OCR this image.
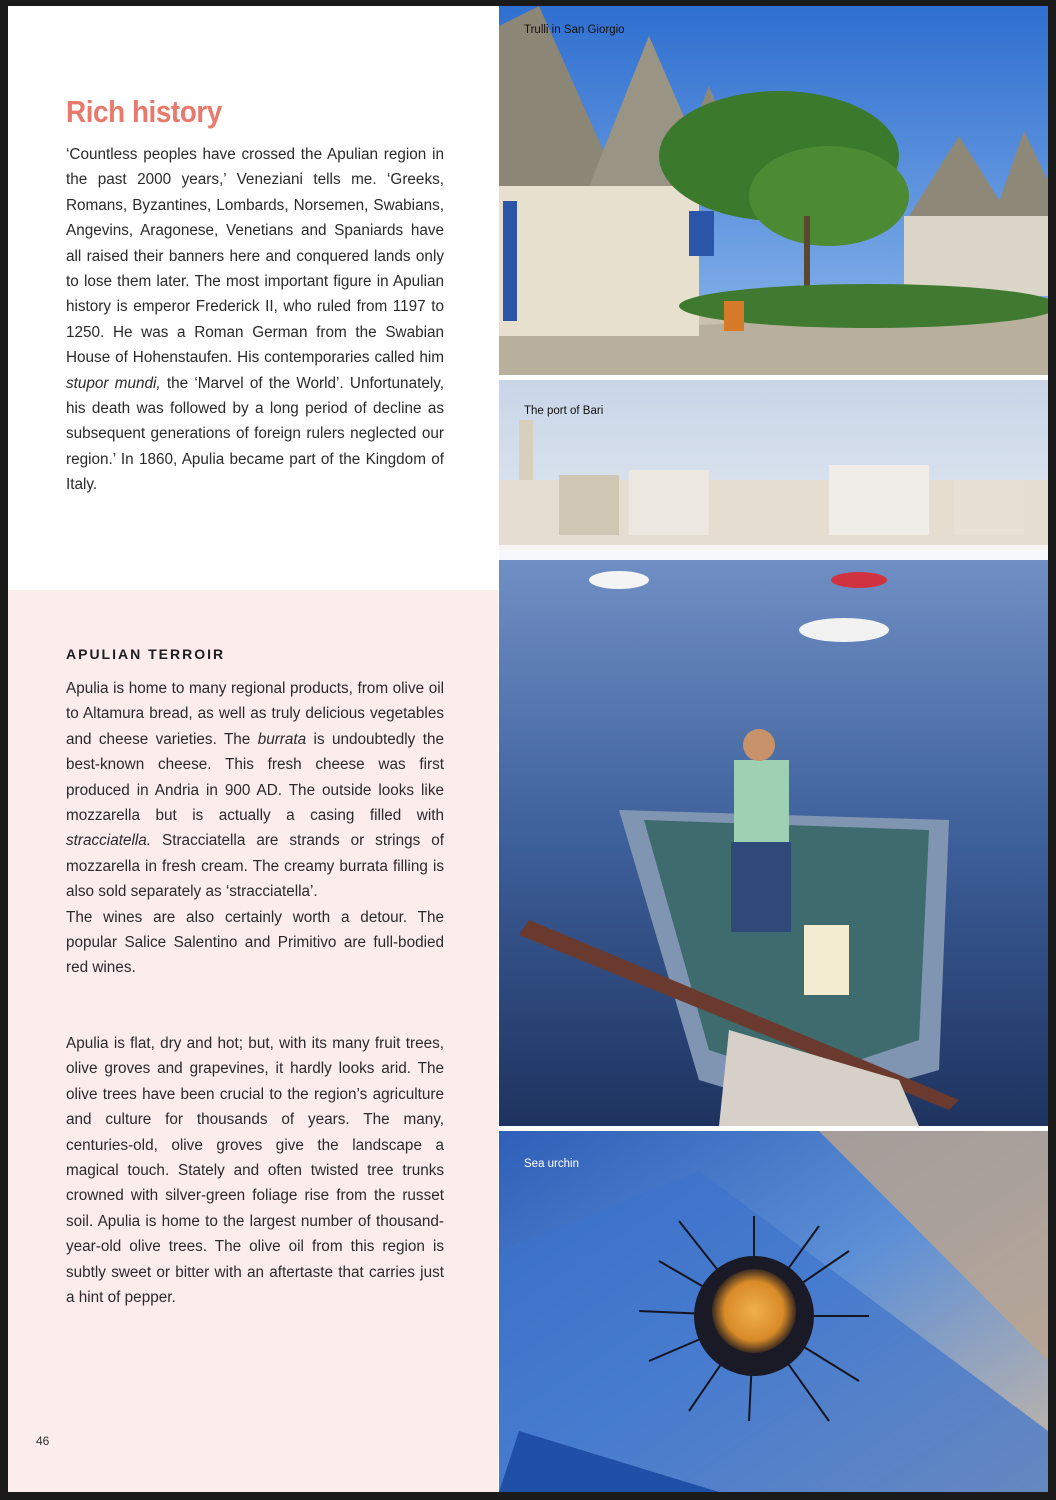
Rich history

‘Countless peoples have crossed the Apulian region in the past 2000 years,’ Veneziani tells me. ‘Greeks, Romans, Byzantines, Lombards, Norsemen, Swabians, Angevins, Aragonese, Venetians and Spaniards have all raised their banners here and conquered lands only to lose them later. The most important figure in Apulian history is emperor Frederick II, who ruled from 1197 to 1250. He was a Roman German from the Swabian House of Hohenstaufen. His contemporaries called him stupor mundi, the ‘Marvel of the World’. Unfortunately, his death was followed by a long period of decline as subsequent generations of foreign rulers neglected our region.’ In 1860, Apulia became part of the Kingdom of Italy.

APULIAN TERROIR

Apulia is home to many regional products, from olive oil to Altamura bread, as well as truly delicious vegetables and cheese varieties. The burrata is undoubtedly the best-known cheese. This fresh cheese was first produced in Andria in 900 AD. The outside looks like mozzarella but is actually a casing filled with stracciatella. Stracciatella are strands or strings of mozzarella in fresh cream. The creamy burrata filling is also sold separately as ‘stracciatella’.
The wines are also certainly worth a detour. The popular Salice Salentino and Primitivo are full-bodied red wines.

Apulia is flat, dry and hot; but, with its many fruit trees, olive groves and grapevines, it hardly looks arid. The olive trees have been crucial to the region’s agriculture and culture for thousands of years. The many, centuries-old, olive groves give the landscape a magical touch. Stately and often twisted tree trunks crowned with silver-green foliage rise from the russet soil. Apulia is home to the largest number of thousand-year-old olive trees. The olive oil from this region is subtly sweet or bitter with an aftertaste that carries just a hint of pepper.

46

Trulli in San Giorgio

The port of Bari

Sea urchin
